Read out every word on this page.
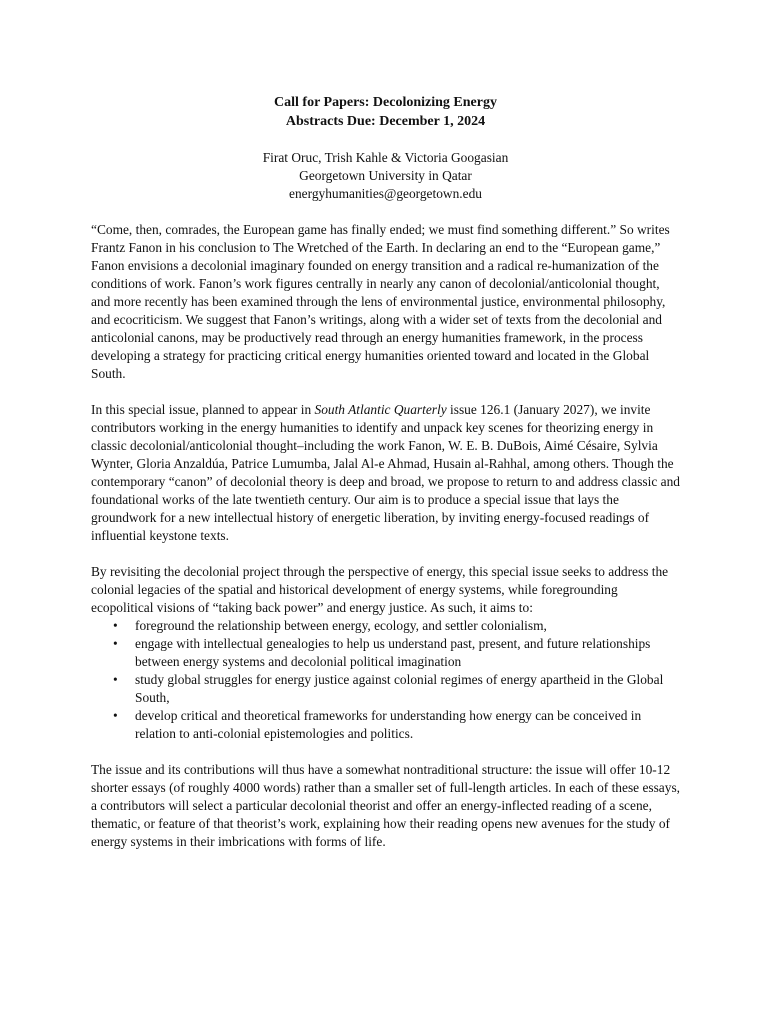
Call for Papers: Decolonizing Energy
Abstracts Due: December 1, 2024
Firat Oruc, Trish Kahle & Victoria Googasian
Georgetown University in Qatar
energyhumanities@georgetown.edu

“Come, then, comrades, the European game has finally ended; we must find something different.” So writes Frantz Fanon in his conclusion to The Wretched of the Earth. In declaring an end to the “European game,” Fanon envisions a decolonial imaginary founded on energy transition and a radical re-humanization of the conditions of work. Fanon’s work figures centrally in nearly any canon of decolonial/anticolonial thought, and more recently has been examined through the lens of environmental justice, environmental philosophy, and ecocriticism. We suggest that Fanon’s writings, along with a wider set of texts from the decolonial and anticolonial canons, may be productively read through an energy humanities framework, in the process developing a strategy for practicing critical energy humanities oriented toward and located in the Global South.

In this special issue, planned to appear in South Atlantic Quarterly issue 126.1 (January 2027), we invite contributors working in the energy humanities to identify and unpack key scenes for theorizing energy in classic decolonial/anticolonial thought–including the work Fanon, W. E. B. DuBois, Aimé Césaire, Sylvia Wynter, Gloria Anzaldúa, Patrice Lumumba, Jalal Al-e Ahmad, Husain al-Rahhal, among others. Though the contemporary “canon” of decolonial theory is deep and broad, we propose to return to and address classic and foundational works of the late twentieth century. Our aim is to produce a special issue that lays the groundwork for a new intellectual history of energetic liberation, by inviting energy-focused readings of influential keystone texts.

By revisiting the decolonial project through the perspective of energy, this special issue seeks to address the colonial legacies of the spatial and historical development of energy systems, while foregrounding ecopolitical visions of “taking back power” and energy justice. As such, it aims to:

• foreground the relationship between energy, ecology, and settler colonialism,
• engage with intellectual genealogies to help us understand past, present, and future relationships between energy systems and decolonial political imagination
• study global struggles for energy justice against colonial regimes of energy apartheid in the Global South,
• develop critical and theoretical frameworks for understanding how energy can be conceived in relation to anti-colonial epistemologies and politics.

The issue and its contributions will thus have a somewhat nontraditional structure: the issue will offer 10-12 shorter essays (of roughly 4000 words) rather than a smaller set of full-length articles. In each of these essays, a contributors will select a particular decolonial theorist and offer an energy-inflected reading of a scene, thematic, or feature of that theorist’s work, explaining how their reading opens new avenues for the study of energy systems in their imbrications with forms of life.
